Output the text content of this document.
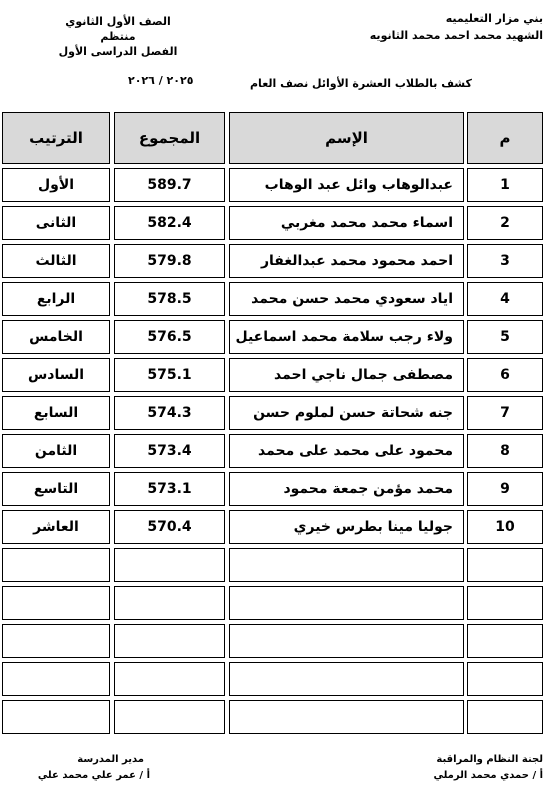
بني مزار التعليميه
الشهيد محمد احمد محمد الثانويه
الصف الأول الثانوي
منتظم
الفصل الدراسى الأول
كشف بالطلاب العشرة الأوائل نصف العام
٢٠٢٥ / ٢٠٢٦
الترتيب	المجموع	الإسم	م
الأول	589.7	عبدالوهاب وائل عبد الوهاب	1
الثانى	582.4	اسماء محمد محمد مغربي	2
الثالث	579.8	احمد محمود محمد عبدالغفار	3
الرابع	578.5	اياد سعودي محمد حسن محمد	4
الخامس	576.5	ولاء رجب سلامة محمد اسماعيل	5
السادس	575.1	مصطفى جمال ناجي احمد	6
السابع	574.3	جنه شحاتة حسن لملوم حسن	7
الثامن	573.4	محمود على محمد على محمد	8
التاسع	573.1	محمد مؤمن جمعة محمود	9
العاشر	570.4	جوليا مينا بطرس خيري	10
لجنة النظام والمراقبة
أ / حمدي محمد الرملي
مدير المدرسة
أ / عمر علي محمد علي
